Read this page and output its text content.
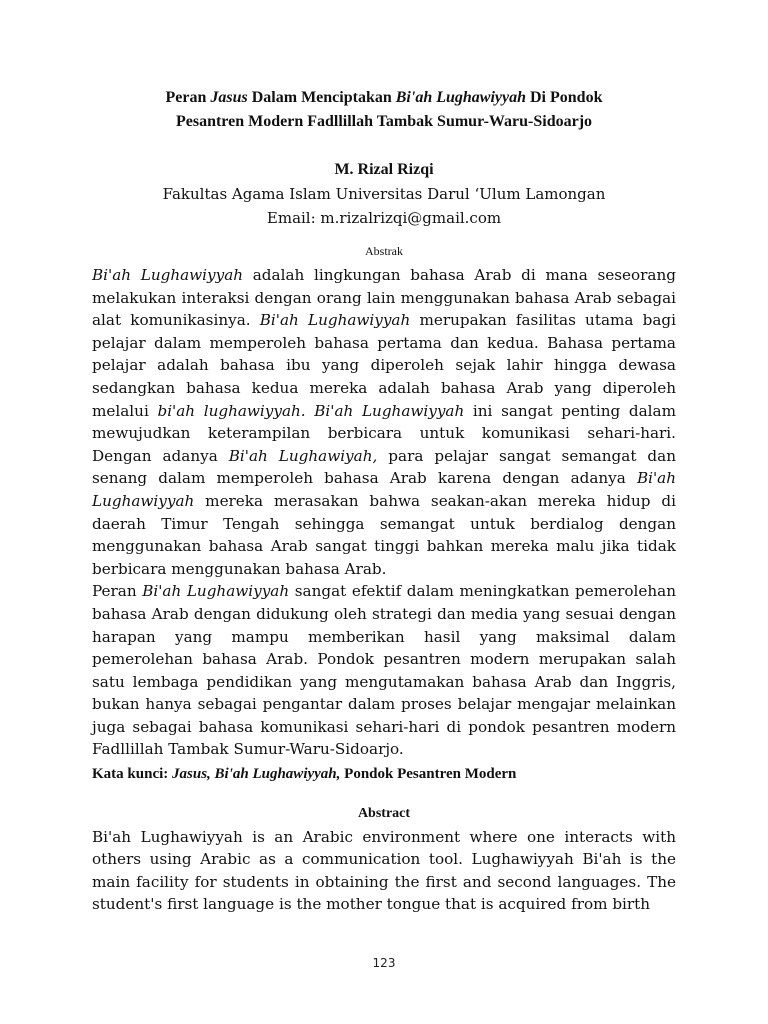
Peran Jasus Dalam Menciptakan Bi'ah Lughawiyyah Di Pondok
Pesantren Modern Fadllillah Tambak Sumur-Waru-Sidoarjo
M. Rizal Rizqi
Fakultas Agama Islam Universitas Darul ‘Ulum Lamongan
Email: m.rizalrizqi@gmail.com
Abstrak

Bi'ah Lughawiyyah adalah lingkungan bahasa Arab di mana seseorang melakukan interaksi dengan orang lain menggunakan bahasa Arab sebagai alat komunikasinya. Bi'ah Lughawiyyah merupakan fasilitas utama bagi pelajar dalam memperoleh bahasa pertama dan kedua. Bahasa pertama pelajar adalah bahasa ibu yang diperoleh sejak lahir hingga dewasa sedangkan bahasa kedua mereka adalah bahasa Arab yang diperoleh melalui bi'ah lughawiyyah. Bi'ah Lughawiyyah ini sangat penting dalam mewujudkan keterampilan berbicara untuk komunikasi sehari-hari. Dengan adanya Bi'ah Lughawiyah, para pelajar sangat semangat dan senang dalam memperoleh bahasa Arab karena dengan adanya Bi'ah Lughawiyyah mereka merasakan bahwa seakan-akan mereka hidup di daerah Timur Tengah sehingga semangat untuk berdialog dengan menggunakan bahasa Arab sangat tinggi bahkan mereka malu jika tidak berbicara menggunakan bahasa Arab.

Peran Bi'ah Lughawiyyah sangat efektif dalam meningkatkan pemerolehan bahasa Arab dengan didukung oleh strategi dan media yang sesuai dengan harapan yang mampu memberikan hasil yang maksimal dalam pemerolehan bahasa Arab. Pondok pesantren modern merupakan salah satu lembaga pendidikan yang mengutamakan bahasa Arab dan Inggris, bukan hanya sebagai pengantar dalam proses belajar mengajar melainkan juga sebagai bahasa komunikasi sehari-hari di pondok pesantren modern Fadllillah Tambak Sumur-Waru-Sidoarjo.

Kata kunci: Jasus, Bi'ah Lughawiyyah, Pondok Pesantren Modern
Abstract

Bi'ah Lughawiyyah is an Arabic environment where one interacts with others using Arabic as a communication tool. Lughawiyyah Bi'ah is the main facility for students in obtaining the first and second languages. The student's first language is the mother tongue that is acquired from birth

123
